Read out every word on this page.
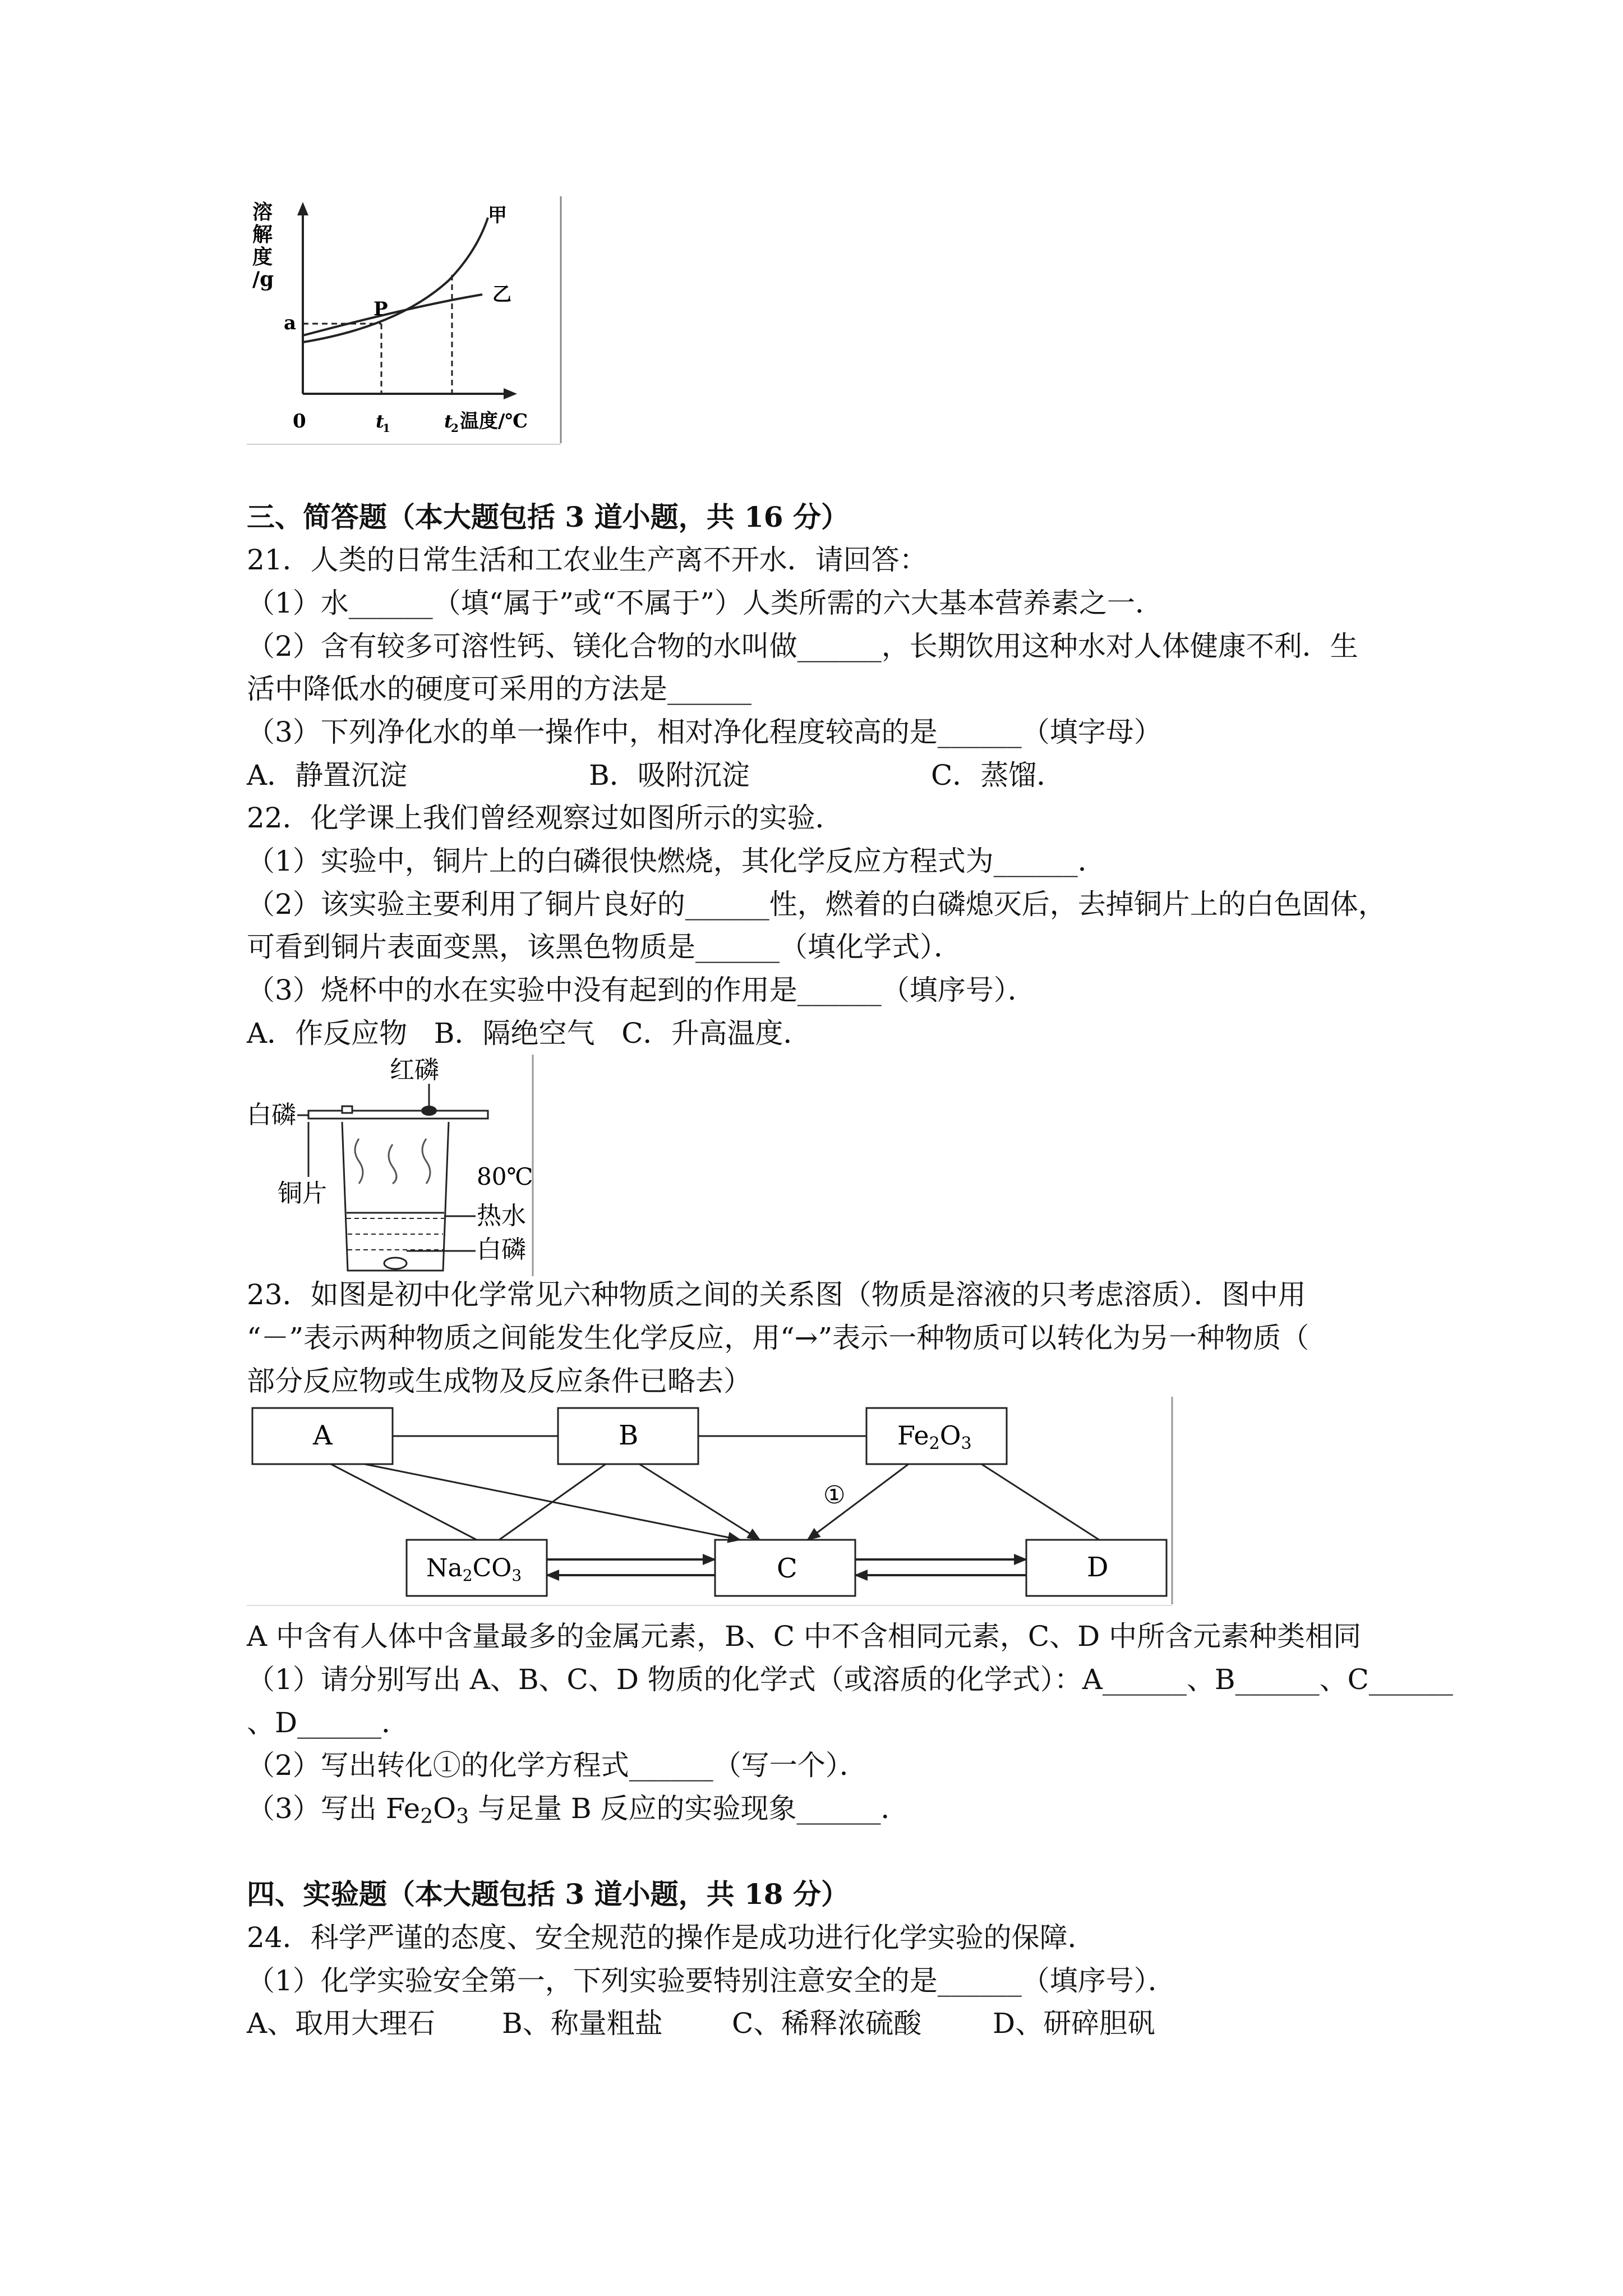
溶
解
度
/g
a
P
甲
乙
0	t
1	t
2 温度/℃
三、简答题（本大题包括 3 道小题，共 16 分）
21．人类的日常生活和工农业生产离不开水．请回答：
（1）水______（填“属于”或“不属于”）人类所需的六大基本营养素之一．
（2）含有较多可溶性钙、镁化合物的水叫做______，长期饮用这种水对人体健康不利．生
活中降低水的硬度可采用的方法是______
（3）下列净化水的单一操作中，相对净化程度较高的是______（填字母）
A．静置沉淀	B．吸附沉淀	C．蒸馏．
22．化学课上我们曾经观察过如图所示的实验．
（1）实验中，铜片上的白磷很快燃烧，其化学反应方程式为______．
（2）该实验主要利用了铜片良好的______性，燃着的白磷熄灭后，去掉铜片上的白色固体，
可看到铜片表面变黑，该黑色物质是______（填化学式）．
（3）烧杯中的水在实验中没有起到的作用是______（填序号）．
A．作反应物   B．隔绝空气   C．升高温度．
红磷
白磷
铜片
80℃
热水
白磷
23．如图是初中化学常见六种物质之间的关系图（物质是溶液的只考虑溶质）．图中用
“－”表示两种物质之间能发生化学反应，用“→”表示一种物质可以转化为另一种物质（
部分反应物或生成物及反应条件已略去）
A	B	Fe2O3
Na2CO3	C	D
①
A 中含有人体中含量最多的金属元素，B、C 中不含相同元素，C、D 中所含元素种类相同
（1）请分别写出 A、B、C、D 物质的化学式（或溶质的化学式）：A______、B______、C______
、D______．
（2）写出转化①的化学方程式______（写一个）．
（3）写出 $Fe_2O_3$ 与足量 B 反应的实验现象______．
四、实验题（本大题包括 3 道小题，共 18 分）
24．科学严谨的态度、安全规范的操作是成功进行化学实验的保障．
（1）化学实验安全第一，下列实验要特别注意安全的是______（填序号）．
A、取用大理石 B、称量粗盐 C、稀释浓硫酸	D、研碎胆矾
